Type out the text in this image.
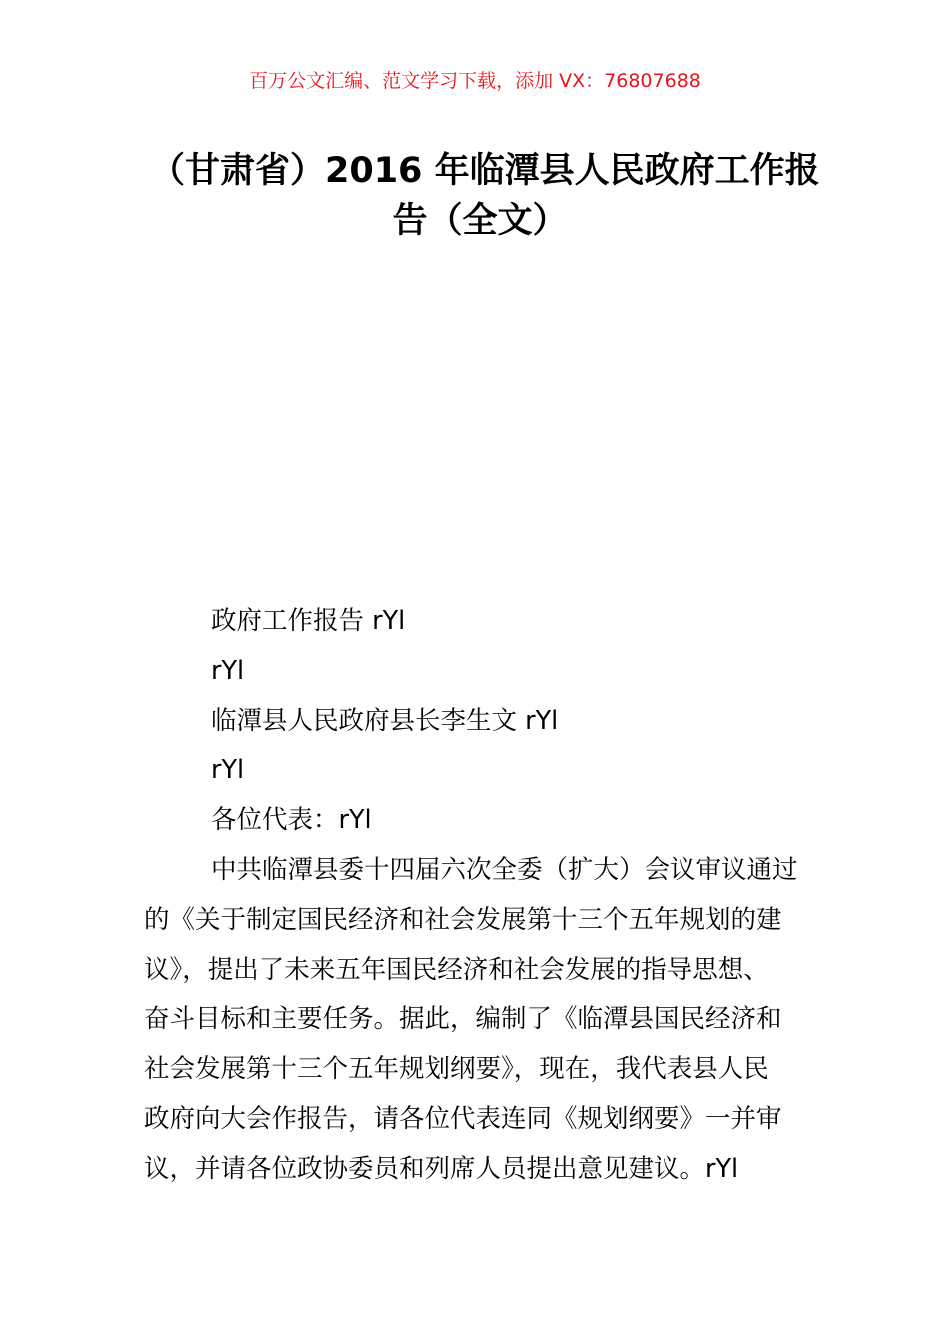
百万公文汇编、范文学习下载，添加 VX：76807688
（甘肃省）2016 年临潭县人民政府工作报
告（全文）
政府工作报告 rYl
rYl
临潭县人民政府县长李生文 rYl
rYl
各位代表：rYl
中共临潭县委十四届六次全委（扩大）会议审议通过
的《关于制定国民经济和社会发展第十三个五年规划的建
议》，提出了未来五年国民经济和社会发展的指导思想、
奋斗目标和主要任务。据此，编制了《临潭县国民经济和
社会发展第十三个五年规划纲要》，现在，我代表县人民
政府向大会作报告，请各位代表连同《规划纲要》一并审
议，并请各位政协委员和列席人员提出意见建议。rYl
